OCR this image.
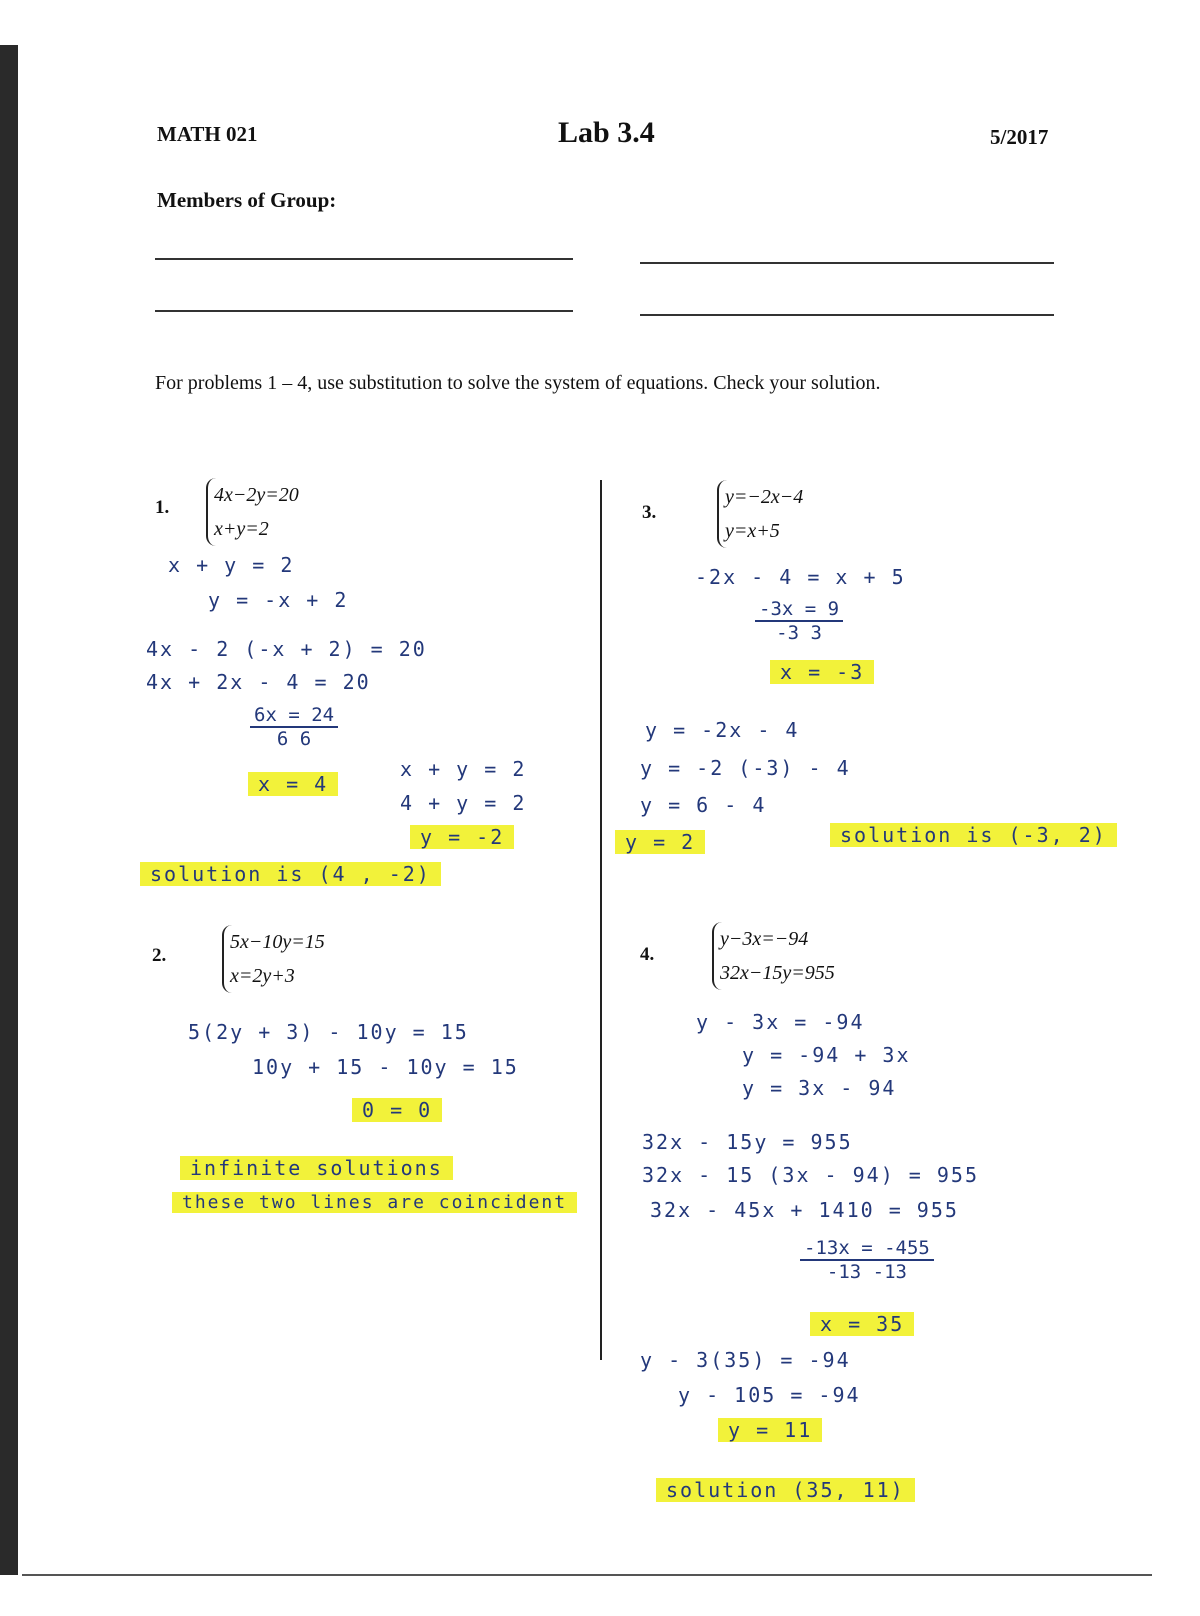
MATH 021	Lab 3.4	5/2017
Members of Group:
For problems 1 – 4, use substitution to solve the system of equations. Check your solution.
1.
4x−2y=20
x+y=2
x + y = 2
y = -x + 2
4x - 2 (-x + 2) = 20
4x + 2x - 4 = 20
$\frac{6x = 24}{6 6}$
x = 4
x + y = 2
4 + y = 2
y = -2
solution is (4 , -2)
2.
5x−10y=15
x=2y+3
5(2y + 3) - 10y = 15
10y + 15 - 10y = 15
0 = 0
infinite solutions
these two lines are coincident
3.
y=−2x−4
y=x+5
-2x - 4 = x + 5
$\frac{-3x = 9}{-3 3}$
x = -3
y = -2x - 4
y = -2 (-3) - 4
y = 6 - 4
y = 2	solution is (-3, 2)
4.
y−3x=−94
32x−15y=955
y - 3x = -94
y = -94 + 3x
y = 3x - 94
32x - 15y = 955
32x - 15 (3x - 94) = 955
32x - 45x + 1410 = 955
$\frac{-13x = -455}{-13 -13}$
x = 35
y - 3(35) = -94
y - 105 = -94
y = 11
solution (35, 11)
